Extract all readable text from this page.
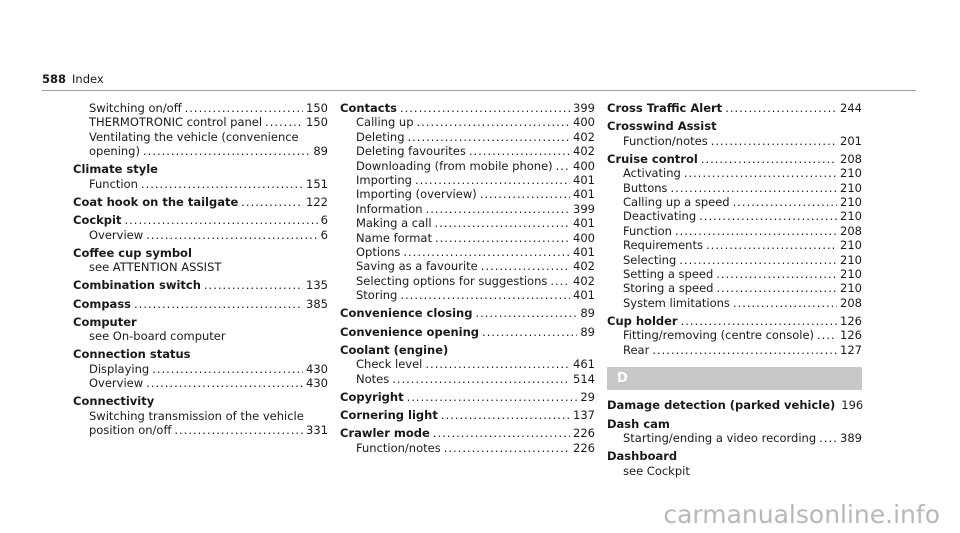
588 Index
Switching on/off .....	150
THERMOTRONIC control panel .....	150
Ventilating the vehicle (convenience
opening) .....	89
Climate style
Function .....	151
Coat hook on the tailgate .....	122
Cockpit .....	6
Overview .....	6
Coffee cup symbol
see ATTENTION ASSIST
Combination switch .....	135
Compass .....	385
Computer
see On-board computer
Connection status
Displaying .....	430
Overview .....	430
Connectivity
Switching transmission of the vehicle
position on/off .....	331
Contacts .....	399
Calling up .....	400
Deleting .....	402
Deleting favourites .....	402
Downloading (from mobile phone) ..... 400
Importing .....	401
Importing (overview) .....	401
Information .....	399
Making a call .....	401
Name format .....	400
Options .....	401
Saving as a favourite .....	402
Selecting options for suggestions ..... 402
Storing .....	401
Convenience closing .....	89
Convenience opening .....	89
Coolant (engine)
Check level .....	461
Notes .....	514
Copyright .....	29
Cornering light .....	137
Crawler mode .....	226
Function/notes .....	226
Cross Traffic Alert .....	244
Crosswind Assist
Function/notes .....	201
Cruise control .....	208
Activating .....	210
Buttons .....	210
Calling up a speed .....	210
Deactivating .....	210
Function .....	208
Requirements .....	210
Selecting .....	210
Setting a speed .....	210
Storing a speed .....	210
System limitations .....	208
Cup holder .....	126
Fitting/removing (centre console) ..... 126
Rear .....	127
D
Damage detection (parked vehicle) 196
Dash cam
Starting/ending a video recording ..... 389
Dashboard
see Cockpit
carmanualsonline.info
